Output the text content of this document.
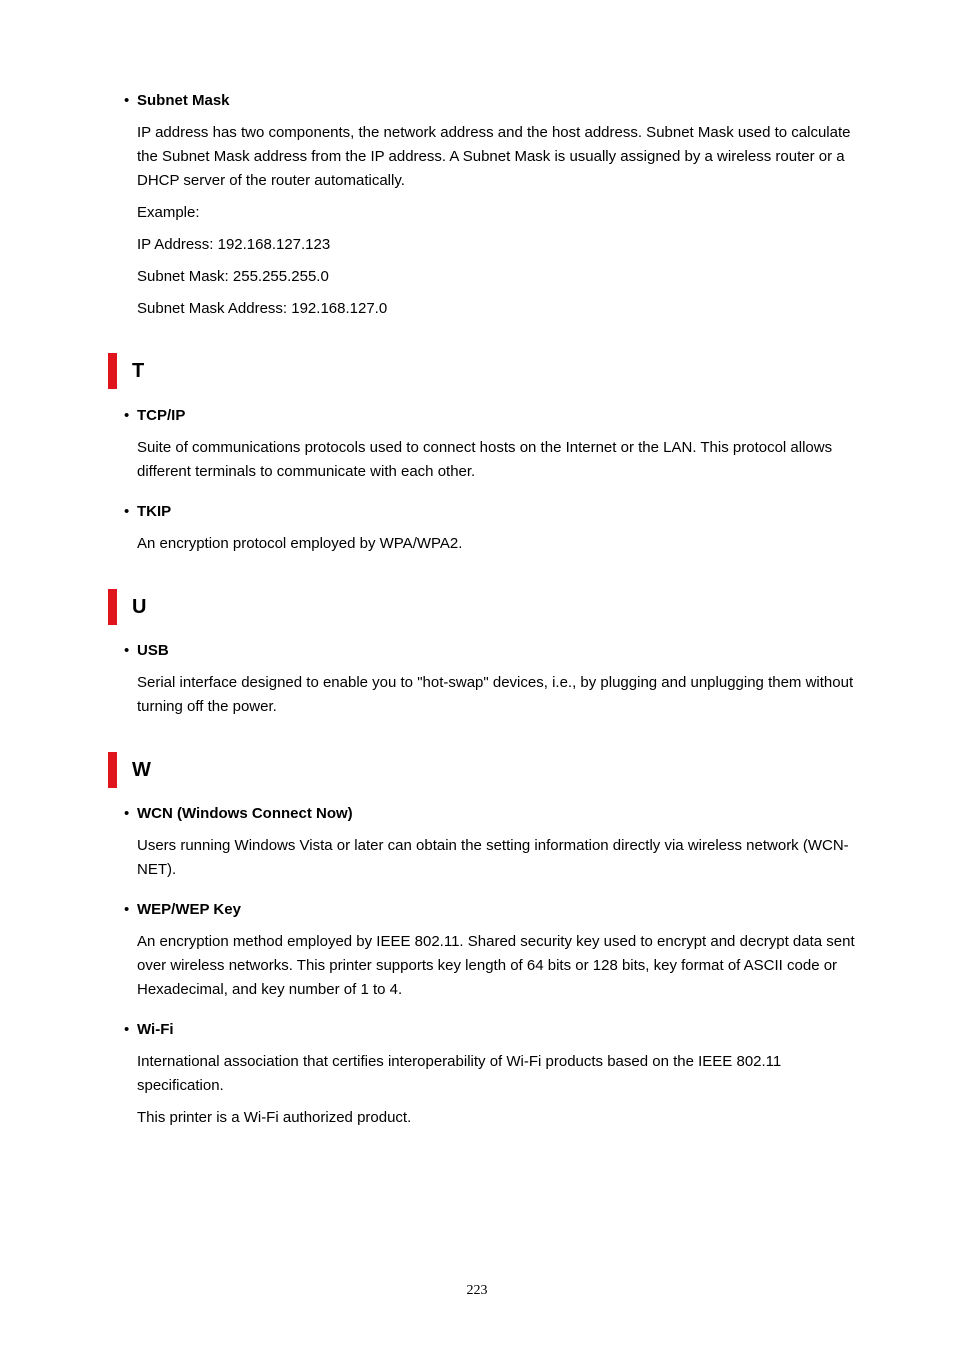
• Subnet Mask
IP address has two components, the network address and the host address. Subnet Mask used to calculate the Subnet Mask address from the IP address. A Subnet Mask is usually assigned by a wireless router or a DHCP server of the router automatically.
Example:
IP Address: 192.168.127.123
Subnet Mask: 255.255.255.0
Subnet Mask Address: 192.168.127.0
T
• TCP/IP
Suite of communications protocols used to connect hosts on the Internet or the LAN. This protocol allows different terminals to communicate with each other.
• TKIP
An encryption protocol employed by WPA/WPA2.
U
• USB
Serial interface designed to enable you to "hot-swap" devices, i.e., by plugging and unplugging them without turning off the power.
W
• WCN (Windows Connect Now)
Users running Windows Vista or later can obtain the setting information directly via wireless network (WCN-NET).
• WEP/WEP Key
An encryption method employed by IEEE 802.11. Shared security key used to encrypt and decrypt data sent over wireless networks. This printer supports key length of 64 bits or 128 bits, key format of ASCII code or Hexadecimal, and key number of 1 to 4.
• Wi-Fi
International association that certifies interoperability of Wi-Fi products based on the IEEE 802.11 specification.
This printer is a Wi-Fi authorized product.
223
